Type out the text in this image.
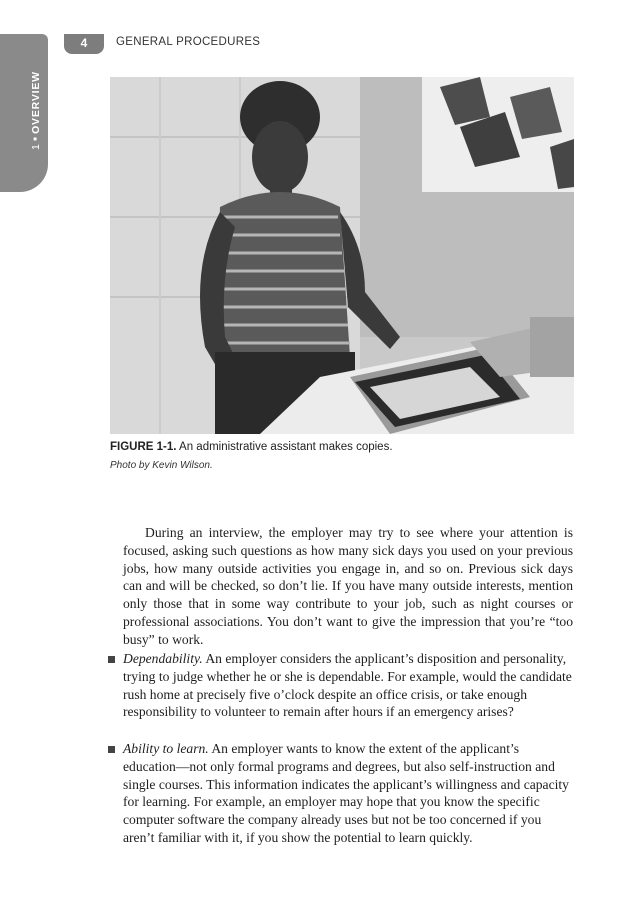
1■OVERVIEW
4	GENERAL PROCEDURES
FIGURE 1-1. An administrative assistant makes copies.
Photo by Kevin Wilson.
During an interview, the employer may try to see where your attention is focused, asking such questions as how many sick days you used on your previous jobs, how many outside activities you engage in, and so on. Previous sick days can and will be checked, so don’t lie. If you have many outside interests, mention only those that in some way contribute to your job, such as night courses or professional associations. You don’t want to give the impression that you’re “too busy” to work.
Dependability. An employer considers the applicant’s disposition and personality, trying to judge whether he or she is dependable. For example, would the candidate rush home at precisely five o’clock despite an office crisis, or take enough responsibility to volunteer to remain after hours if an emergency arises?
Ability to learn. An employer wants to know the extent of the applicant’s education—not only formal programs and degrees, but also self-instruction and single courses. This information indicates the applicant’s willingness and capacity for learning. For example, an employer may hope that you know the specific computer software the company already uses but not be too concerned if you aren’t familiar with it, if you show the potential to learn quickly.
